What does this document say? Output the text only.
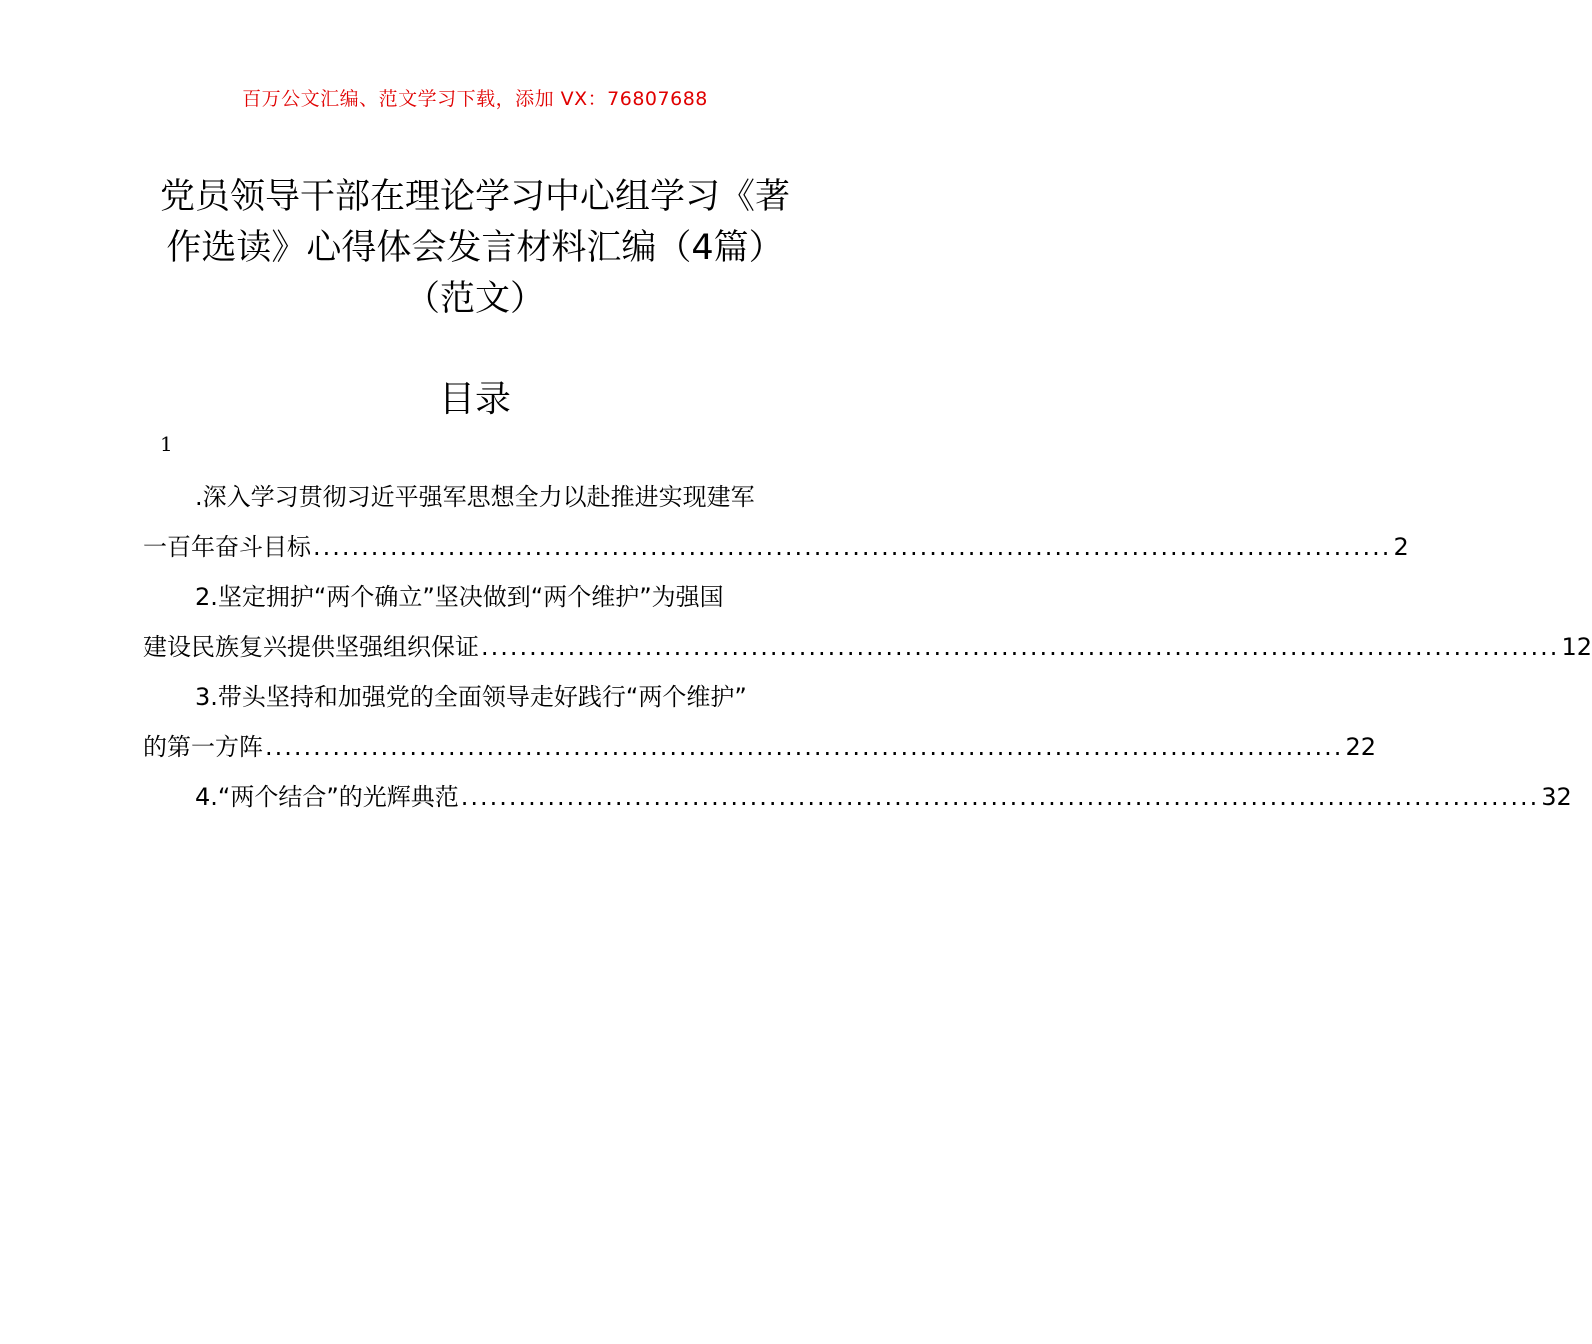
百万公文汇编、范文学习下载，添加 VX：76807688
党员领导干部在理论学习中心组学习《著
作选读》心得体会发言材料汇编（4篇）
（范文）
目录
1
.深入学习贯彻习近平强军思想全力以赴推进实现建军
一百年奋斗目标 ................................................................................................................ 2
2.坚定拥护“两个确立”坚决做到“两个维护”为强国
建设民族复兴提供坚强组织保证 ................................................................................................................ 12
3.带头坚持和加强党的全面领导走好践行“两个维护”
的第一方阵 ................................................................................................................ 22
4.“两个结合”的光辉典范 ................................................................................................................ 32
